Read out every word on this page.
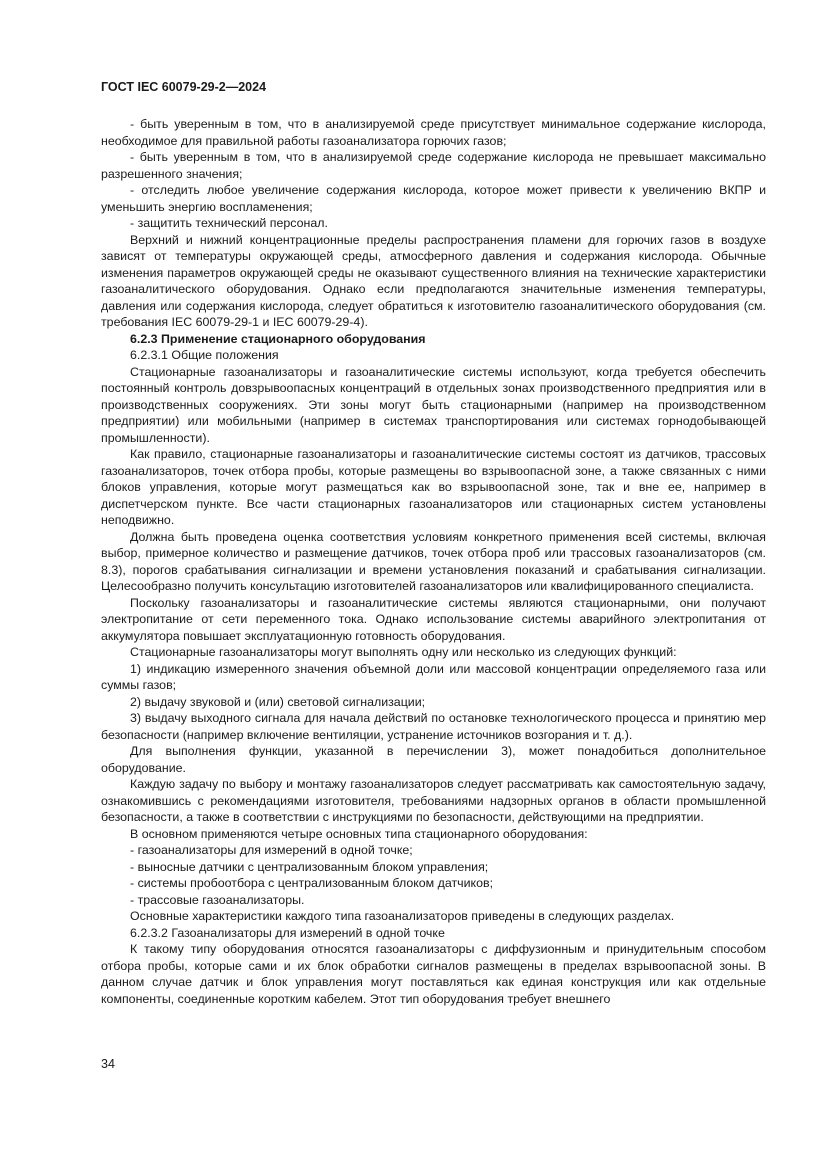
ГОСТ IEC 60079-29-2—2024

- быть уверенным в том, что в анализируемой среде присутствует минимальное содержание кислорода, необходимое для правильной работы газоанализатора горючих газов;

- быть уверенным в том, что в анализируемой среде содержание кислорода не превышает максимально разрешенного значения;

- отследить любое увеличение содержания кислорода, которое может привести к увеличению ВКПР и уменьшить энергию воспламенения;

- защитить технический персонал.

Верхний и нижний концентрационные пределы распространения пламени для горючих газов в воздухе зависят от температуры окружающей среды, атмосферного давления и содержания кислорода. Обычные изменения параметров окружающей среды не оказывают существенного влияния на технические характеристики газоаналитического оборудования. Однако если предполагаются значительные изменения температуры, давления или содержания кислорода, следует обратиться к изготовителю газоаналитического оборудования (см. требования IEC 60079-29-1 и IEC 60079-29-4).

6.2.3 Применение стационарного оборудования

6.2.3.1 Общие положения

Стационарные газоанализаторы и газоаналитические системы используют, когда требуется обеспечить постоянный контроль довзрывоопасных концентраций в отдельных зонах производственного предприятия или в производственных сооружениях. Эти зоны могут быть стационарными (например на производственном предприятии) или мобильными (например в системах транспортирования или системах горнодобывающей промышленности).

Как правило, стационарные газоанализаторы и газоаналитические системы состоят из датчиков, трассовых газоанализаторов, точек отбора пробы, которые размещены во взрывоопасной зоне, а также связанных с ними блоков управления, которые могут размещаться как во взрывоопасной зоне, так и вне ее, например в диспетчерском пункте. Все части стационарных газоанализаторов или стационарных систем установлены неподвижно.

Должна быть проведена оценка соответствия условиям конкретного применения всей системы, включая выбор, примерное количество и размещение датчиков, точек отбора проб или трассовых газоанализаторов (см. 8.3), порогов срабатывания сигнализации и времени установления показаний и срабатывания сигнализации. Целесообразно получить консультацию изготовителей газоанализаторов или квалифицированного специалиста.

Поскольку газоанализаторы и газоаналитические системы являются стационарными, они получают электропитание от сети переменного тока. Однако использование системы аварийного электропитания от аккумулятора повышает эксплуатационную готовность оборудования.

Стационарные газоанализаторы могут выполнять одну или несколько из следующих функций:

1) индикацию измеренного значения объемной доли или массовой концентрации определяемого газа или суммы газов;

2) выдачу звуковой и (или) световой сигнализации;

3) выдачу выходного сигнала для начала действий по остановке технологического процесса и принятию мер безопасности (например включение вентиляции, устранение источников возгорания и т. д.).

Для выполнения функции, указанной в перечислении 3), может понадобиться дополнительное оборудование.

Каждую задачу по выбору и монтажу газоанализаторов следует рассматривать как самостоятельную задачу, ознакомившись с рекомендациями изготовителя, требованиями надзорных органов в области промышленной безопасности, а также в соответствии с инструкциями по безопасности, действующими на предприятии.

В основном применяются четыре основных типа стационарного оборудования:

- газоанализаторы для измерений в одной точке;

- выносные датчики с централизованным блоком управления;

- системы пробоотбора с централизованным блоком датчиков;

- трассовые газоанализаторы.

Основные характеристики каждого типа газоанализаторов приведены в следующих разделах.

6.2.3.2 Газоанализаторы для измерений в одной точке

К такому типу оборудования относятся газоанализаторы с диффузионным и принудительным способом отбора пробы, которые сами и их блок обработки сигналов размещены в пределах взрывоопасной зоны. В данном случае датчик и блок управления могут поставляться как единая конструкция или как отдельные компоненты, соединенные коротким кабелем. Этот тип оборудования требует внешнего

34
